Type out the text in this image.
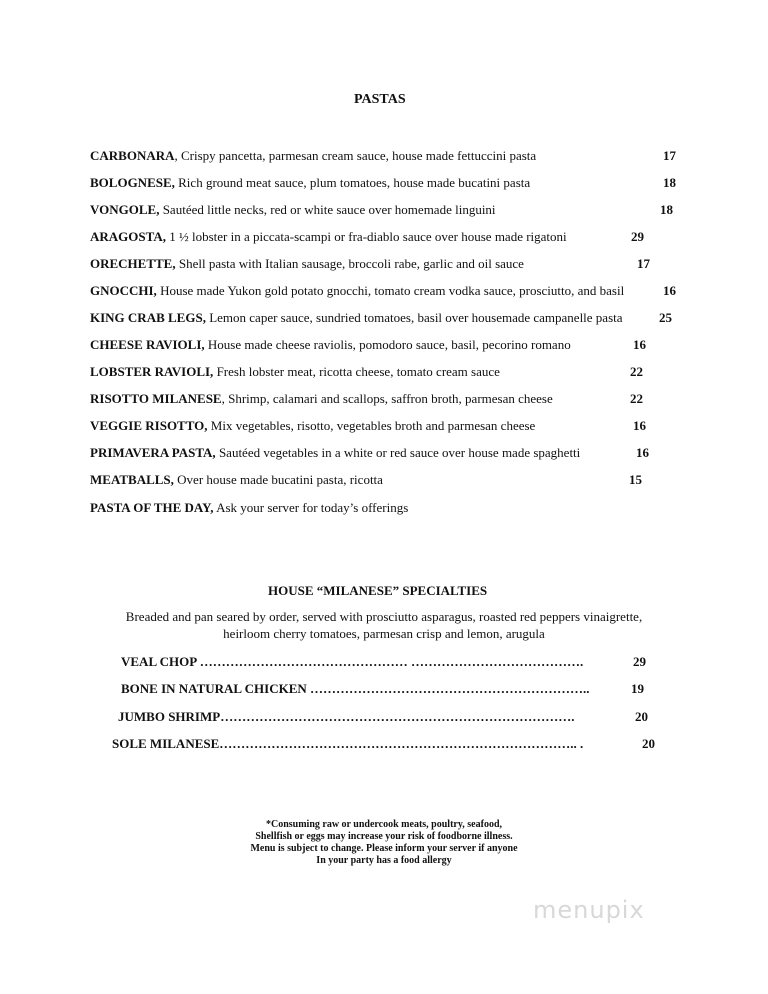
PASTAS
CARBONARA, Crispy pancetta, parmesan cream sauce, house made fettuccini pasta	17
BOLOGNESE, Rich ground meat sauce, plum tomatoes, house made bucatini pasta	18
VONGOLE, Sautéed little necks, red or white sauce over homemade linguini	18
ARAGOSTA, 1 ½ lobster in a piccata-scampi or fra-diablo sauce over house made rigatoni	29
ORECHETTE, Shell pasta with Italian sausage, broccoli rabe, garlic and oil sauce	17
GNOCCHI, House made Yukon gold potato gnocchi, tomato cream vodka sauce, prosciutto, and basil	16
KING CRAB LEGS, Lemon caper sauce, sundried tomatoes, basil over housemade campanelle pasta	25
CHEESE RAVIOLI, House made cheese raviolis, pomodoro sauce, basil, pecorino romano	16
LOBSTER RAVIOLI, Fresh lobster meat, ricotta cheese, tomato cream sauce	22
RISOTTO MILANESE, Shrimp, calamari and scallops, saffron broth, parmesan cheese	22
VEGGIE RISOTTO, Mix vegetables, risotto, vegetables broth and parmesan cheese	16
PRIMAVERA PASTA, Sautéed vegetables in a white or red sauce over house made spaghetti	16
MEATBALLS, Over house made bucatini pasta, ricotta	15
PASTA OF THE DAY, Ask your server for today’s offerings
HOUSE “MILANESE” SPECIALTIES
Breaded and pan seared by order, served with prosciutto asparagus, roasted red peppers vinaigrette,
heirloom cherry tomatoes, parmesan crisp and lemon, arugula
VEAL CHOP ………………………………………… ………………………………….	29
BONE IN NATURAL CHICKEN ………………………………………………………..	19
JUMBO SHRIMP……………………………………………………………………….	20
SOLE MILANESE……………………………………………………………………….. .	20
*Consuming raw or undercook meats, poultry, seafood,
Shellfish or eggs may increase your risk of foodborne illness.
Menu is subject to change. Please inform your server if anyone
In your party has a food allergy
menupix
